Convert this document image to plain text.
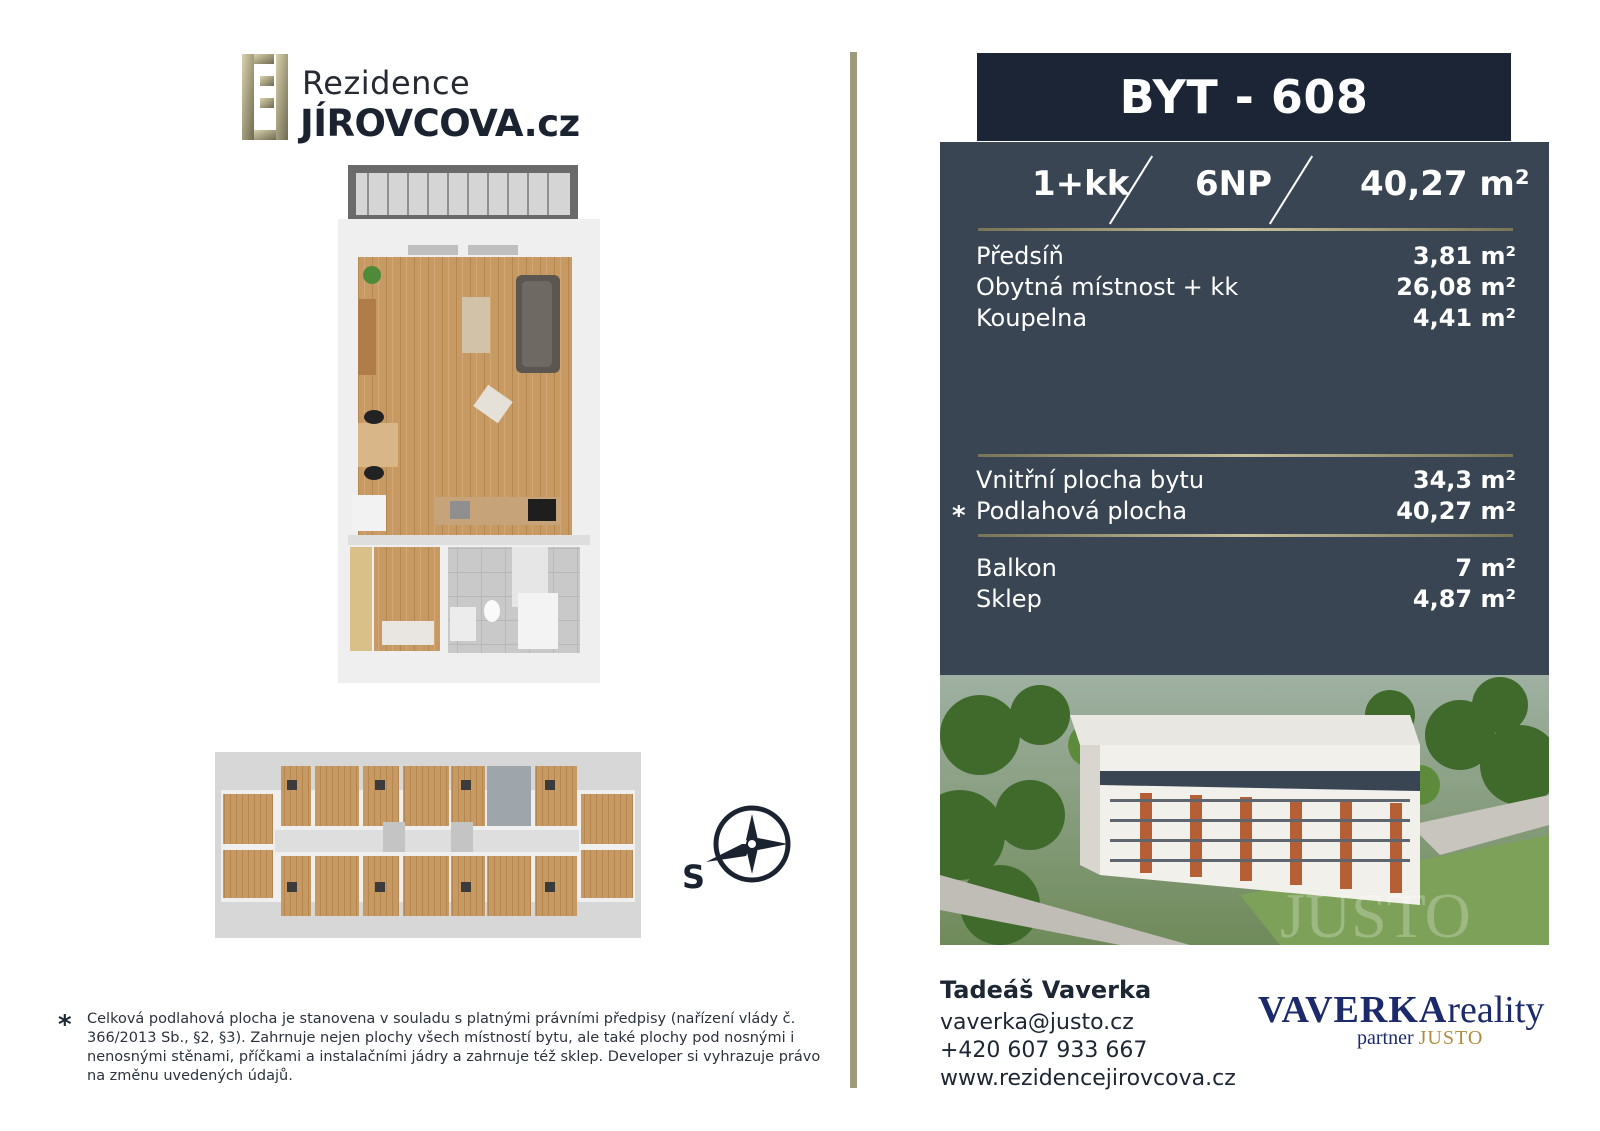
Rezidence
JÍROVCOVA.cz
S
BYT - 608
1+kk 6NP	40,27 m²
Předsíň	3,81 m²
Obytná místnost + kk	26,08 m²
Koupelna	4,41 m²
Vnitřní plocha bytu	34,3 m²
* Podlahová plocha	40,27 m²
Balkon	7 m²
Sklep	4,87 m²
JUSTO
Tadeáš Vaverka
vaverka@justo.cz
+420 607 933 667
www.rezidencejirovcova.cz
VAVERKAreality
partner JUSTO
* Celková podlahová plocha je stanovena v souladu s platnými právními předpisy (nařízení vlády č. 366/2013 Sb., §2, §3). Zahrnuje nejen plochy všech místností bytu, ale také plochy pod nosnými i nenosnými stěnami, příčkami a instalačními jádry a zahrnuje též sklep. Developer si vyhrazuje právo na změnu uvedených údajů.
